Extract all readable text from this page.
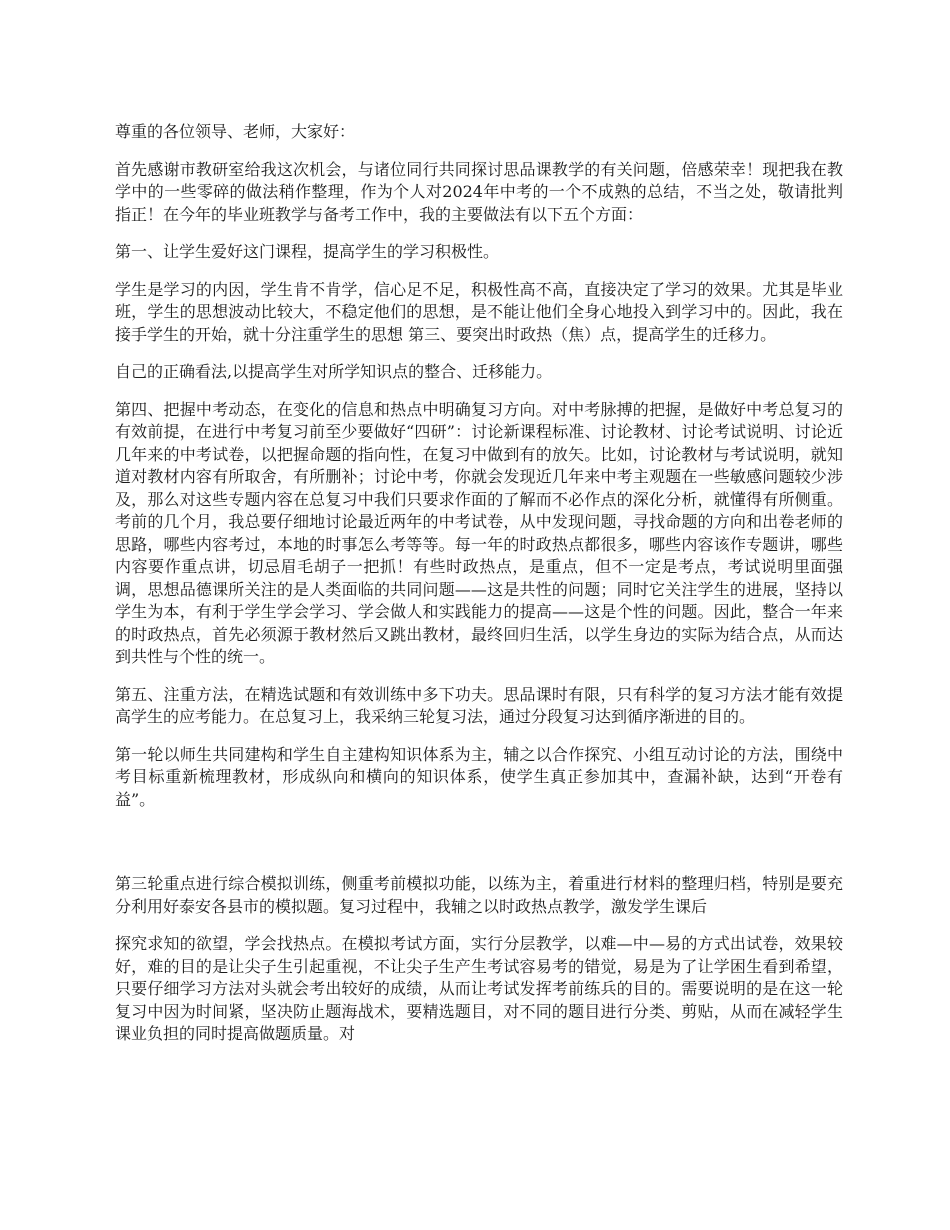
尊重的各位领导、老师，大家好：

首先感谢市教研室给我这次机会，与诸位同行共同探讨思品课教学的有关问题，倍感荣幸！现把我在教学中的一些零碎的做法稍作整理，作为个人对2024年中考的一个不成熟的总结，不当之处，敬请批判指正！在今年的毕业班教学与备考工作中，我的主要做法有以下五个方面：

第一、让学生爱好这门课程，提高学生的学习积极性。

学生是学习的内因，学生肯不肯学，信心足不足，积极性高不高，直接决定了学习的效果。尤其是毕业班，学生的思想波动比较大，不稳定他们的思想，是不能让他们全身心地投入到学习中的。因此，我在接手学生的开始，就十分注重学生的思想 第三、要突出时政热（焦）点，提高学生的迁移力。

自己的正确看法,以提高学生对所学知识点的整合、迁移能力。

第四、把握中考动态，在变化的信息和热点中明确复习方向。对中考脉搏的把握，是做好中考总复习的有效前提，在进行中考复习前至少要做好“四研”：讨论新课程标准、讨论教材、讨论考试说明、讨论近几年来的中考试卷，以把握命题的指向性，在复习中做到有的放矢。比如，讨论教材与考试说明，就知道对教材内容有所取舍，有所删补；讨论中考，你就会发现近几年来中考主观题在一些敏感问题较少涉及，那么对这些专题内容在总复习中我们只要求作面的了解而不必作点的深化分析，就懂得有所侧重。考前的几个月，我总要仔细地讨论最近两年的中考试卷，从中发现问题，寻找命题的方向和出卷老师的思路，哪些内容考过，本地的时事怎么考等等。每一年的时政热点都很多，哪些内容该作专题讲，哪些内容要作重点讲，切忌眉毛胡子一把抓！有些时政热点，是重点，但不一定是考点，考试说明里面强调，思想品德课所关注的是人类面临的共同问题——这是共性的问题；同时它关注学生的进展，坚持以学生为本，有利于学生学会学习、学会做人和实践能力的提高——这是个性的问题。因此，整合一年来的时政热点，首先必须源于教材然后又跳出教材，最终回归生活，以学生身边的实际为结合点，从而达到共性与个性的统一。

第五、注重方法，在精选试题和有效训练中多下功夫。思品课时有限，只有科学的复习方法才能有效提高学生的应考能力。在总复习上，我采纳三轮复习法，通过分段复习达到循序渐进的目的。

第一轮以师生共同建构和学生自主建构知识体系为主，辅之以合作探究、小组互动讨论的方法，围绕中考目标重新梳理教材，形成纵向和横向的知识体系，使学生真正参加其中，查漏补缺，达到“开卷有益”。

第三轮重点进行综合模拟训练，侧重考前模拟功能，以练为主，着重进行材料的整理归档，特别是要充分利用好泰安各县市的模拟题。复习过程中，我辅之以时政热点教学，激发学生课后

探究求知的欲望，学会找热点。在模拟考试方面，实行分层教学，以难—中—易的方式出试卷，效果较好，难的目的是让尖子生引起重视，不让尖子生产生考试容易考的错觉，易是为了让学困生看到希望，只要仔细学习方法对头就会考出较好的成绩，从而让考试发挥考前练兵的目的。需要说明的是在这一轮复习中因为时间紧，坚决防止题海战术，要精选题目，对不同的题目进行分类、剪贴，从而在减轻学生课业负担的同时提高做题质量。对
